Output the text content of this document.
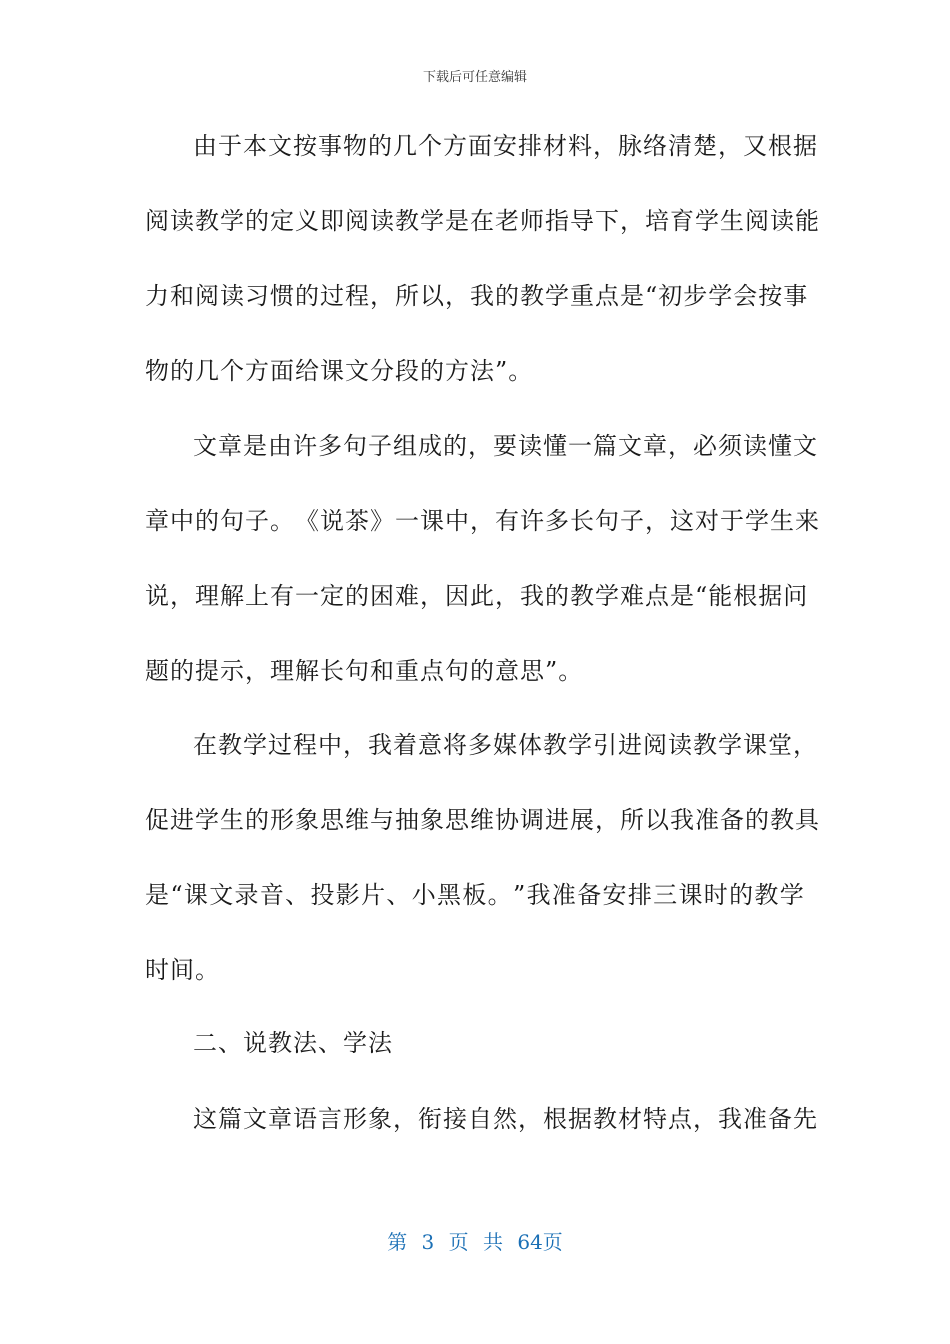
下载后可任意编辑
由 于 本 文 按 事 物 的 几 个 方 面 安 排 材 料 ， 脉 络 清 楚 ， 又 根 据
阅 读 教 学 的 定 义 即 阅 读 教 学 是 在 老 师 指 导 下 ， 培 育 学 生 阅 读 能
力 和 阅 读 习 惯 的 过 程 ， 所 以 ， 我 的 教 学 重 点 是 “ 初 步 学 会 按 事
物的几个方面给课文分段的方法”。
文 章 是 由 许 多 句 子 组 成 的 ， 要 读 懂 一 篇 文 章 ， 必 须 读 懂 文
章 中 的 句 子 。 《 说 茶 》 一 课 中 ， 有 许 多 长 句 子 ， 这 对 于 学 生 来
说 ， 理 解 上 有 一 定 的 困 难 ， 因 此 ， 我 的 教 学 难 点 是 “ 能 根 据 问
题的提示，理解长句和重点句的意思”。
在 教 学 过 程 中 ， 我 着 意 将 多 媒 体 教 学 引 进 阅 读 教 学 课 堂 ，
促 进 学 生 的 形 象 思 维 与 抽 象 思 维 协 调 进 展 ， 所 以 我 准 备 的 教 具
是 “ 课 文 录 音 、 投 影 片 、 小 黑 板 。 ” 我 准 备 安 排 三 课 时 的 教 学
时间。
二、说教法、学法
这 篇 文 章 语 言 形 象 ， 衔 接 自 然 ， 根 据 教 材 特 点 ， 我 准 备 先
第 3 页 共 64页
